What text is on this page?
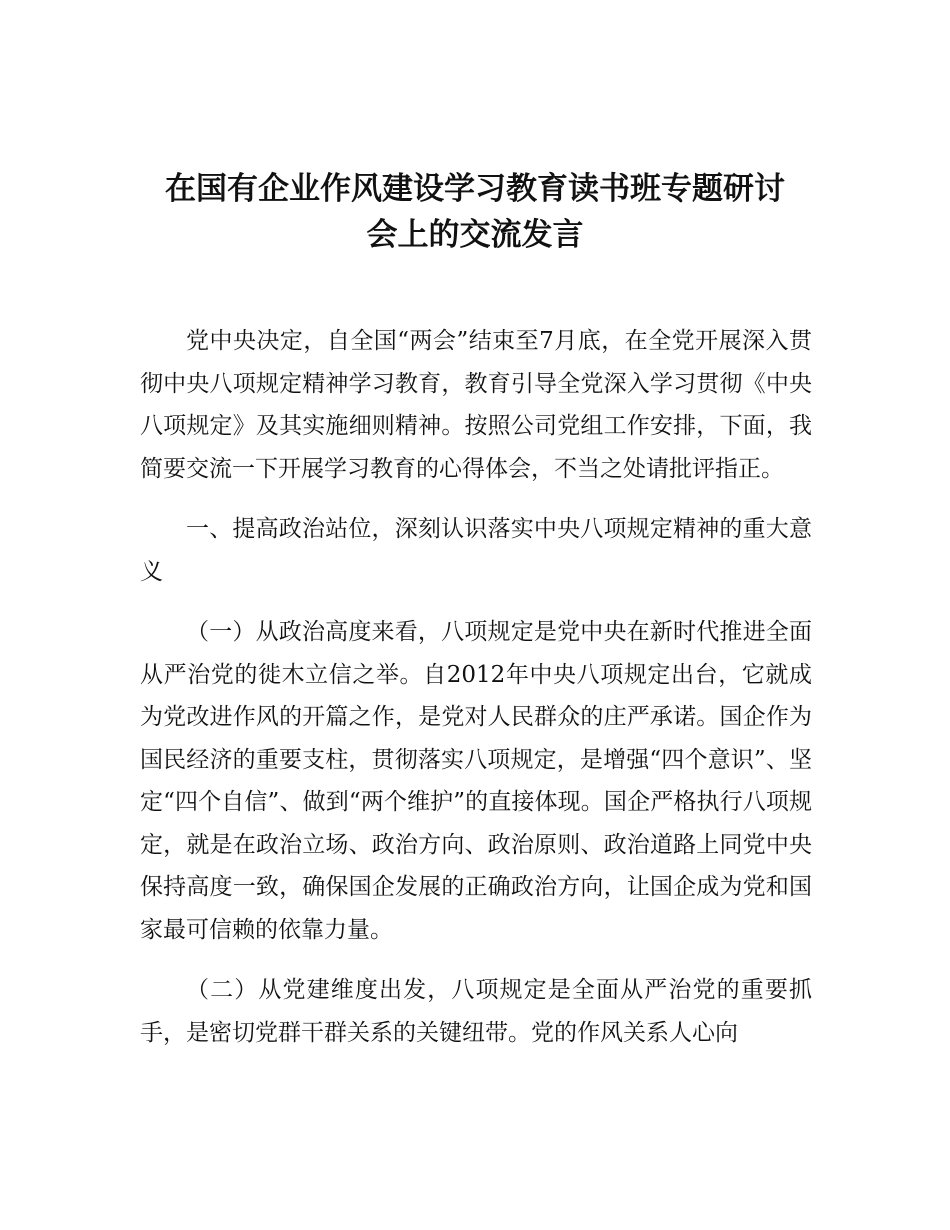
在国有企业作风建设学习教育读书班专题研讨
会上的交流发言

党中央决定，自全国“两会”结束至7月底，在全党开展深入贯彻中央八项规定精神学习教育，教育引导全党深入学习贯彻《中央八项规定》及其实施细则精神。按照公司党组工作安排，下面，我简要交流一下开展学习教育的心得体会，不当之处请批评指正。

一、提高政治站位，深刻认识落实中央八项规定精神的重大意义

（一）从政治高度来看，八项规定是党中央在新时代推进全面从严治党的徙木立信之举。自2012年中央八项规定出台，它就成为党改进作风的开篇之作，是党对人民群众的庄严承诺。国企作为国民经济的重要支柱，贯彻落实八项规定，是增强“四个意识”、坚定“四个自信”、做到“两个维护”的直接体现。国企严格执行八项规定，就是在政治立场、政治方向、政治原则、政治道路上同党中央保持高度一致，确保国企发展的正确政治方向，让国企成为党和国家最可信赖的依靠力量。

（二）从党建维度出发，八项规定是全面从严治党的重要抓手，是密切党群干群关系的关键纽带。党的作风关系人心向
